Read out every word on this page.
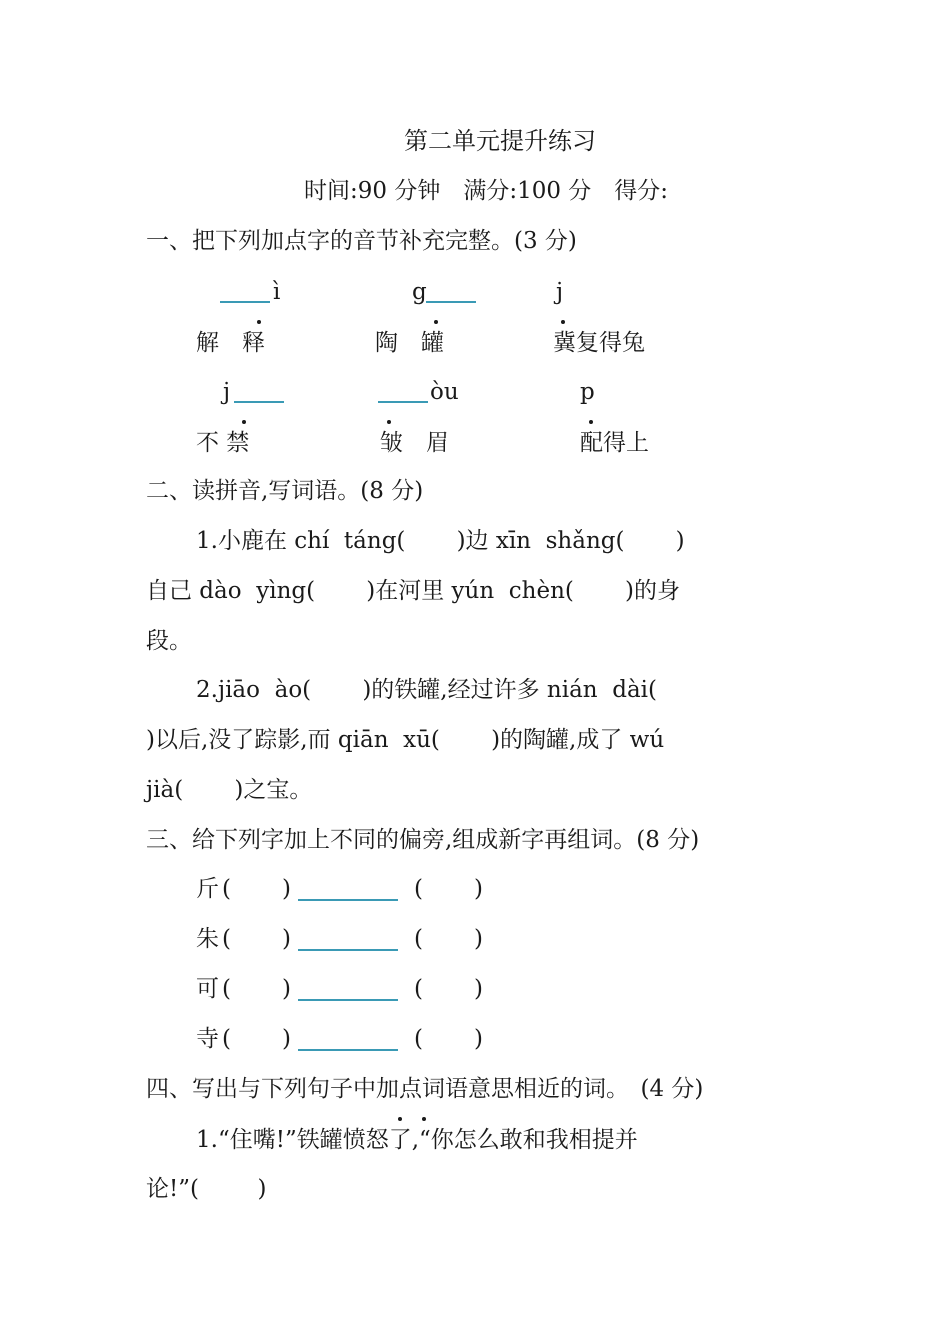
第二单元提升练习
时间:90 分钟　满分:100 分　得分:
一、把下列加点字的音节补充完整。(3 分)
ì
解　释
g
陶　罐
j
冀复得兔
j
不 禁
òu
皱　眉
p
配得上
二、读拼音,写词语。(8 分)
1.小鹿在 chí  táng(       )边 xīn  shǎng(       )
自己 dào  yìng(       )在河里 yún  chèn(       )的身
段。
2.jiāo  ào(       )的铁罐,经过许多 nián  dài(
)以后,没了踪影,而 qiān  xū(       )的陶罐,成了 wú
jià(       )之宝。
三、给下列字加上不同的偏旁,组成新字再组词。(8 分)
斤 ( )	( )
朱 ( )	( )
可 ( )	( )
寺 ( )	( )
四、写出与下列句子中加点词语意思相近的词。　(4 分)
1.“住嘴!”铁罐愤怒了,“你怎么敢和我相提并
论!”(        )
